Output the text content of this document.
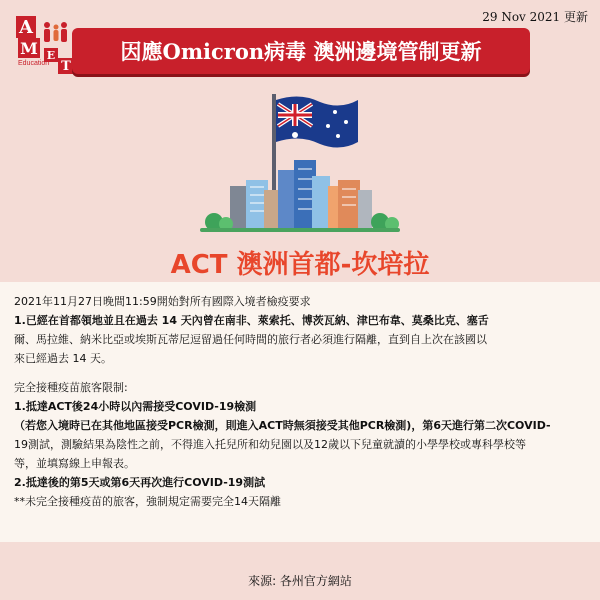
A
M E
T
Education
29 Nov 2021 更新
因應Omicron病毒 澳洲邊境管制更新
ACT 澳洲首都-坎培拉

2021年11月27日晚間11:59開始對所有國際入境者檢疫要求

1.已經在首都領地並且在過去 14 天內曾在南非、萊索托、博茨瓦納、津巴布韋、莫桑比克、塞舌

爾、馬拉維、納米比亞或埃斯瓦蒂尼逗留過任何時間的旅行者必須進行隔離，直到自上次在該國以

來已經過去 14 天。

完全接種疫苗旅客限制:

1.抵達ACT後24小時以內需接受COVID-19檢測

（若您入境時已在其他地區接受PCR檢測，則進入ACT時無須接受其他PCR檢測)，第6天進行第二次COVID-

19測試，測驗結果為陰性之前，不得進入托兒所和幼兒園以及12歲以下兒童就讀的小學學校或專科學校等

等，並填寫線上申報表。

2.抵達後的第5天或第6天再次進行COVID-19測試

**未完全接種疫苗的旅客，強制規定需要完全14天隔離

來源: 各州官方網站
